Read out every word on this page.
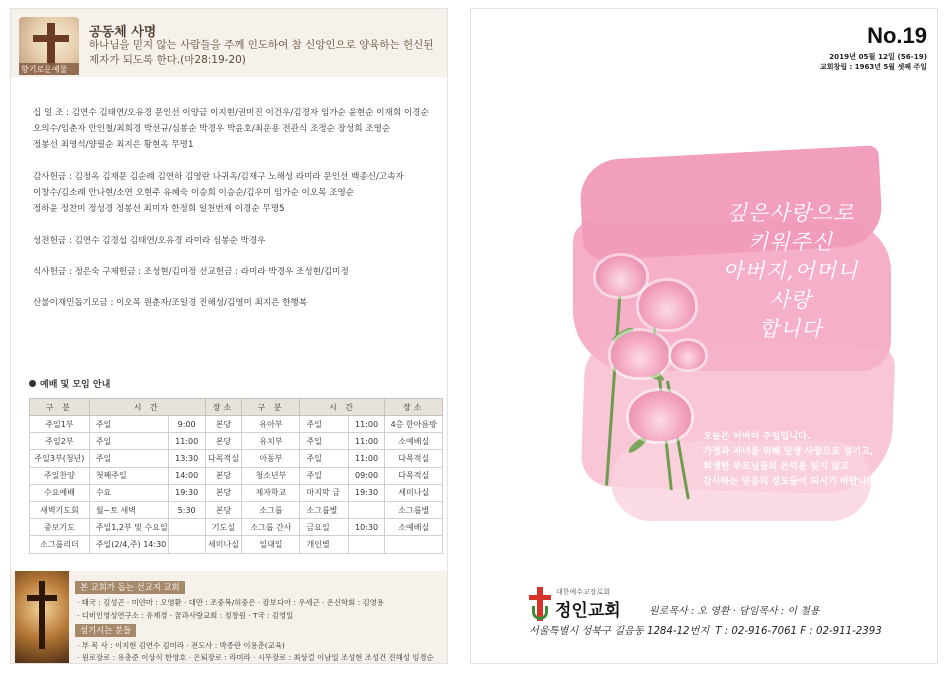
향기로운예물
공동체 사명
하나님을 믿지 않는 사람들을 주께 인도하여 참 신앙인으로 양육하는 헌신된 제자가 되도록 한다.(마28:19-20)
십 일 조 : 김연수 김태연/오유경 문인선 이양금 이지현/권미진 이건우/김경자 임가순 윤현순 이재희 이경순
오의수/임춘자 안인철/최희경 박선규/심봉순 박경우 박윤호/최운용 전관식 조정순 장성희 조영순
정봉선 최영석/양필순 최지은 황현옥 무명1
감사헌금 : 김정옥 김재문 김순례 김연하 김영란 나귀옥/김재구 노해성 라미라 문인선 백종신/고속자
이창수/김소례 안나현/소연 오현주 유혜숙 이승희 이승순/김우미 임가순 이오목 조영순
정하윤 정찬미 정성경 정봉선 최미자 한정희 일천번제 이경순 무명5
성전헌금 : 김연수 김경섭 김태연/오유경 라미라 심봉순 박경우
식사헌금 : 정은숙 구제헌금 : 조성현/김미정 선교헌금 : 라미라 박경우 조성현/김미정
산불이재민돕기모금 : 이오목 원춘자/조일경 진해성/김영미 최지은 한행복
예배 및 모임 안내
구 분	시 간		장소	구 분	시 간		장소
주일1부	주일	9:00	본당	유아부	주일	11:00	4층 한아름방
주일2부	주일	11:00	본당	유치부	주일	11:00	소예배실
주일3부(청년)	주일	13:30	다목적실	아동부	주일	11:00	다목적실
주일찬양	첫째주일	14:00	본당	청소년부	주일	09:00	다목적실
수요예배	수요	19:30	본당	제자학교	마지막 금	19:30	세미나실
새벽기도회	월~토 새벽	5:30	본당	소그룹	소그룹별		소그룹별
중보기도	주일1,2부 및 수요일		기도실	소그룹 간사	금요일	10:30	소예배실
소그룹리더	주일(2/4,주) 14:30		세미나실	일대일	개인별		
본 교회가 돕는 선교지 교회
· 태국 : 김성곤 · 미얀마 : 오영환 · 대만 : 조중복/허중은 · 캄보디아 : 우세근 · 온신학회 : 김영용
· 디비인영성연구소 : 유재경 · 꿈과사랑교회 : 정창원 · T국 : 김영일
섬기시는 분들
· 부 목 사 : 이지현 김연수 김미라 · 전도사 : 박종란 이용춘(교육)
· 원로장로 : 유총준 이상식 한영호 · 은퇴장로 : 라미라 · 시무장로 : 최상걸 이남일 조성현 조성건 진해성 임경순
No.19
2019년 05월 12일 (56-19)
교회창립 : 1963년 5월 셋째 주일
깊은사랑으로
키워주신
아버지,어머니
사랑
합니다
오늘은 어버이 주일입니다.
가정과 자녀를 위해 일생 사랑으로 섬기고,
희생한 부모님들의 은덕을 잊지 않고
감사하는 믿음의 성도들이 되시기 바랍니다.
대한예수교장로회
정인교회	원로목사 : 오 영환 · 담임목사 : 이 철용
서울특별시 성북구 길음동 1284-12번지 T : 02-916-7061 F : 02-911-2393
